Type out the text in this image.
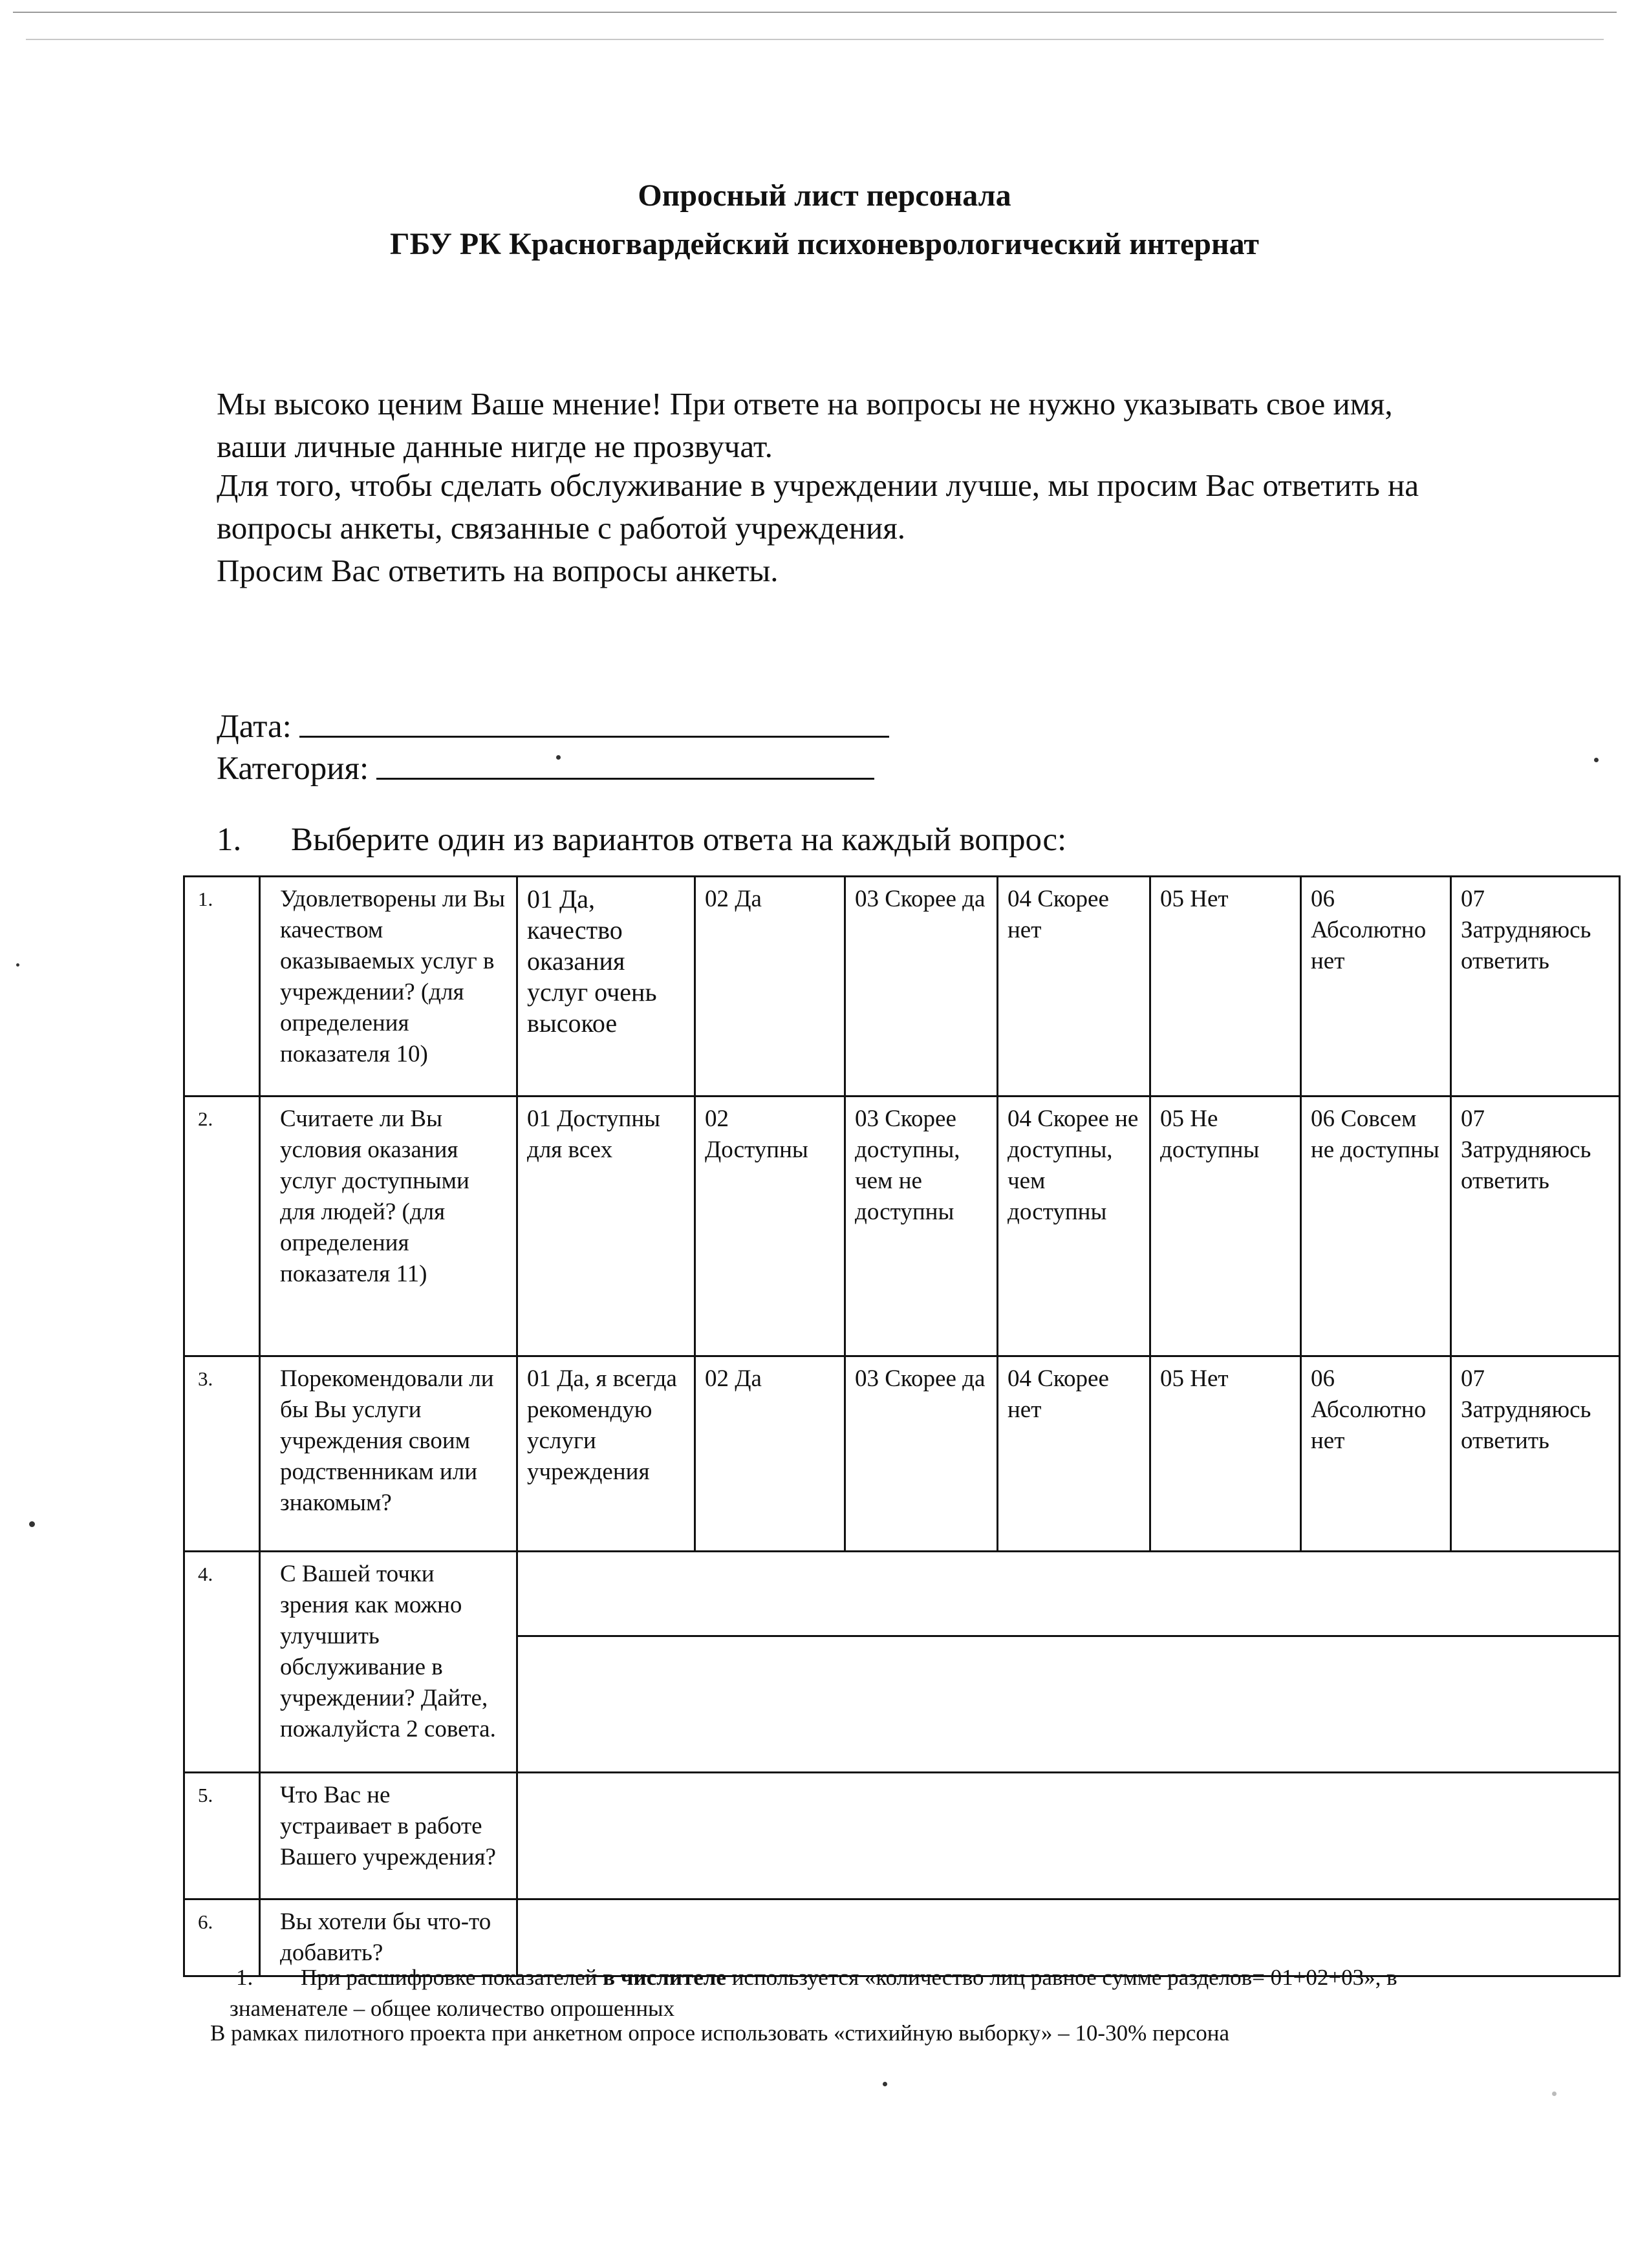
Опросный лист персонала
ГБУ РК Красногвардейский психоневрологический интернат
Мы высоко ценим Ваше мнение! При ответе на вопросы не нужно указывать свое имя,
ваши личные данные нигде не прозвучат.
Для того, чтобы сделать обслуживание в учреждении лучше, мы просим Вас ответить на
вопросы анкеты, связанные с работой учреждения.
Просим Вас ответить на вопросы анкеты.
Дата:
Категория:
1. Выберите один из вариантов ответа на каждый вопрос:
1.	Удовлетворены ли Вы качеством оказываемых услуг в учреждении? (для определения показателя 10)	01 Да, качество оказания услуг очень высокое	02 Да	03 Скорее да	04 Скорее нет	05 Нет	06 Абсолютно нет	07 Затрудняюсь ответить
2.	Считаете ли Вы условия оказания услуг доступными для людей? (для определения показателя 11)	01 Доступны для всех	02 Доступны	03 Скорее доступны, чем не доступны	04 Скорее не доступны, чем доступны	05 Не доступны	06 Совсем не доступны	07 Затрудняюсь ответить
3.	Порекомендовали ли бы Вы услуги учреждения своим родственникам или знакомым?	01 Да, я всегда рекомендую услуги учреждения	02 Да	03 Скорее да	04 Скорее нет	05 Нет	06 Абсолютно нет	07 Затрудняюсь ответить
4.	С Вашей точки зрения как можно улучшить обслуживание в учреждении? Дайте, пожалуйста 2 совета.							

5.	Что Вас не устраивает в работе Вашего учреждения?							
6.	Вы хотели бы что-то добавить?							
1. При расшифровке показателей в числителе используется «количество лиц равное сумме разделов= 01+02+03», в
знаменателе – общее количество опрошенных
В рамках пилотного проекта при анкетном опросе использовать «стихийную выборку» – 10-30% персона
